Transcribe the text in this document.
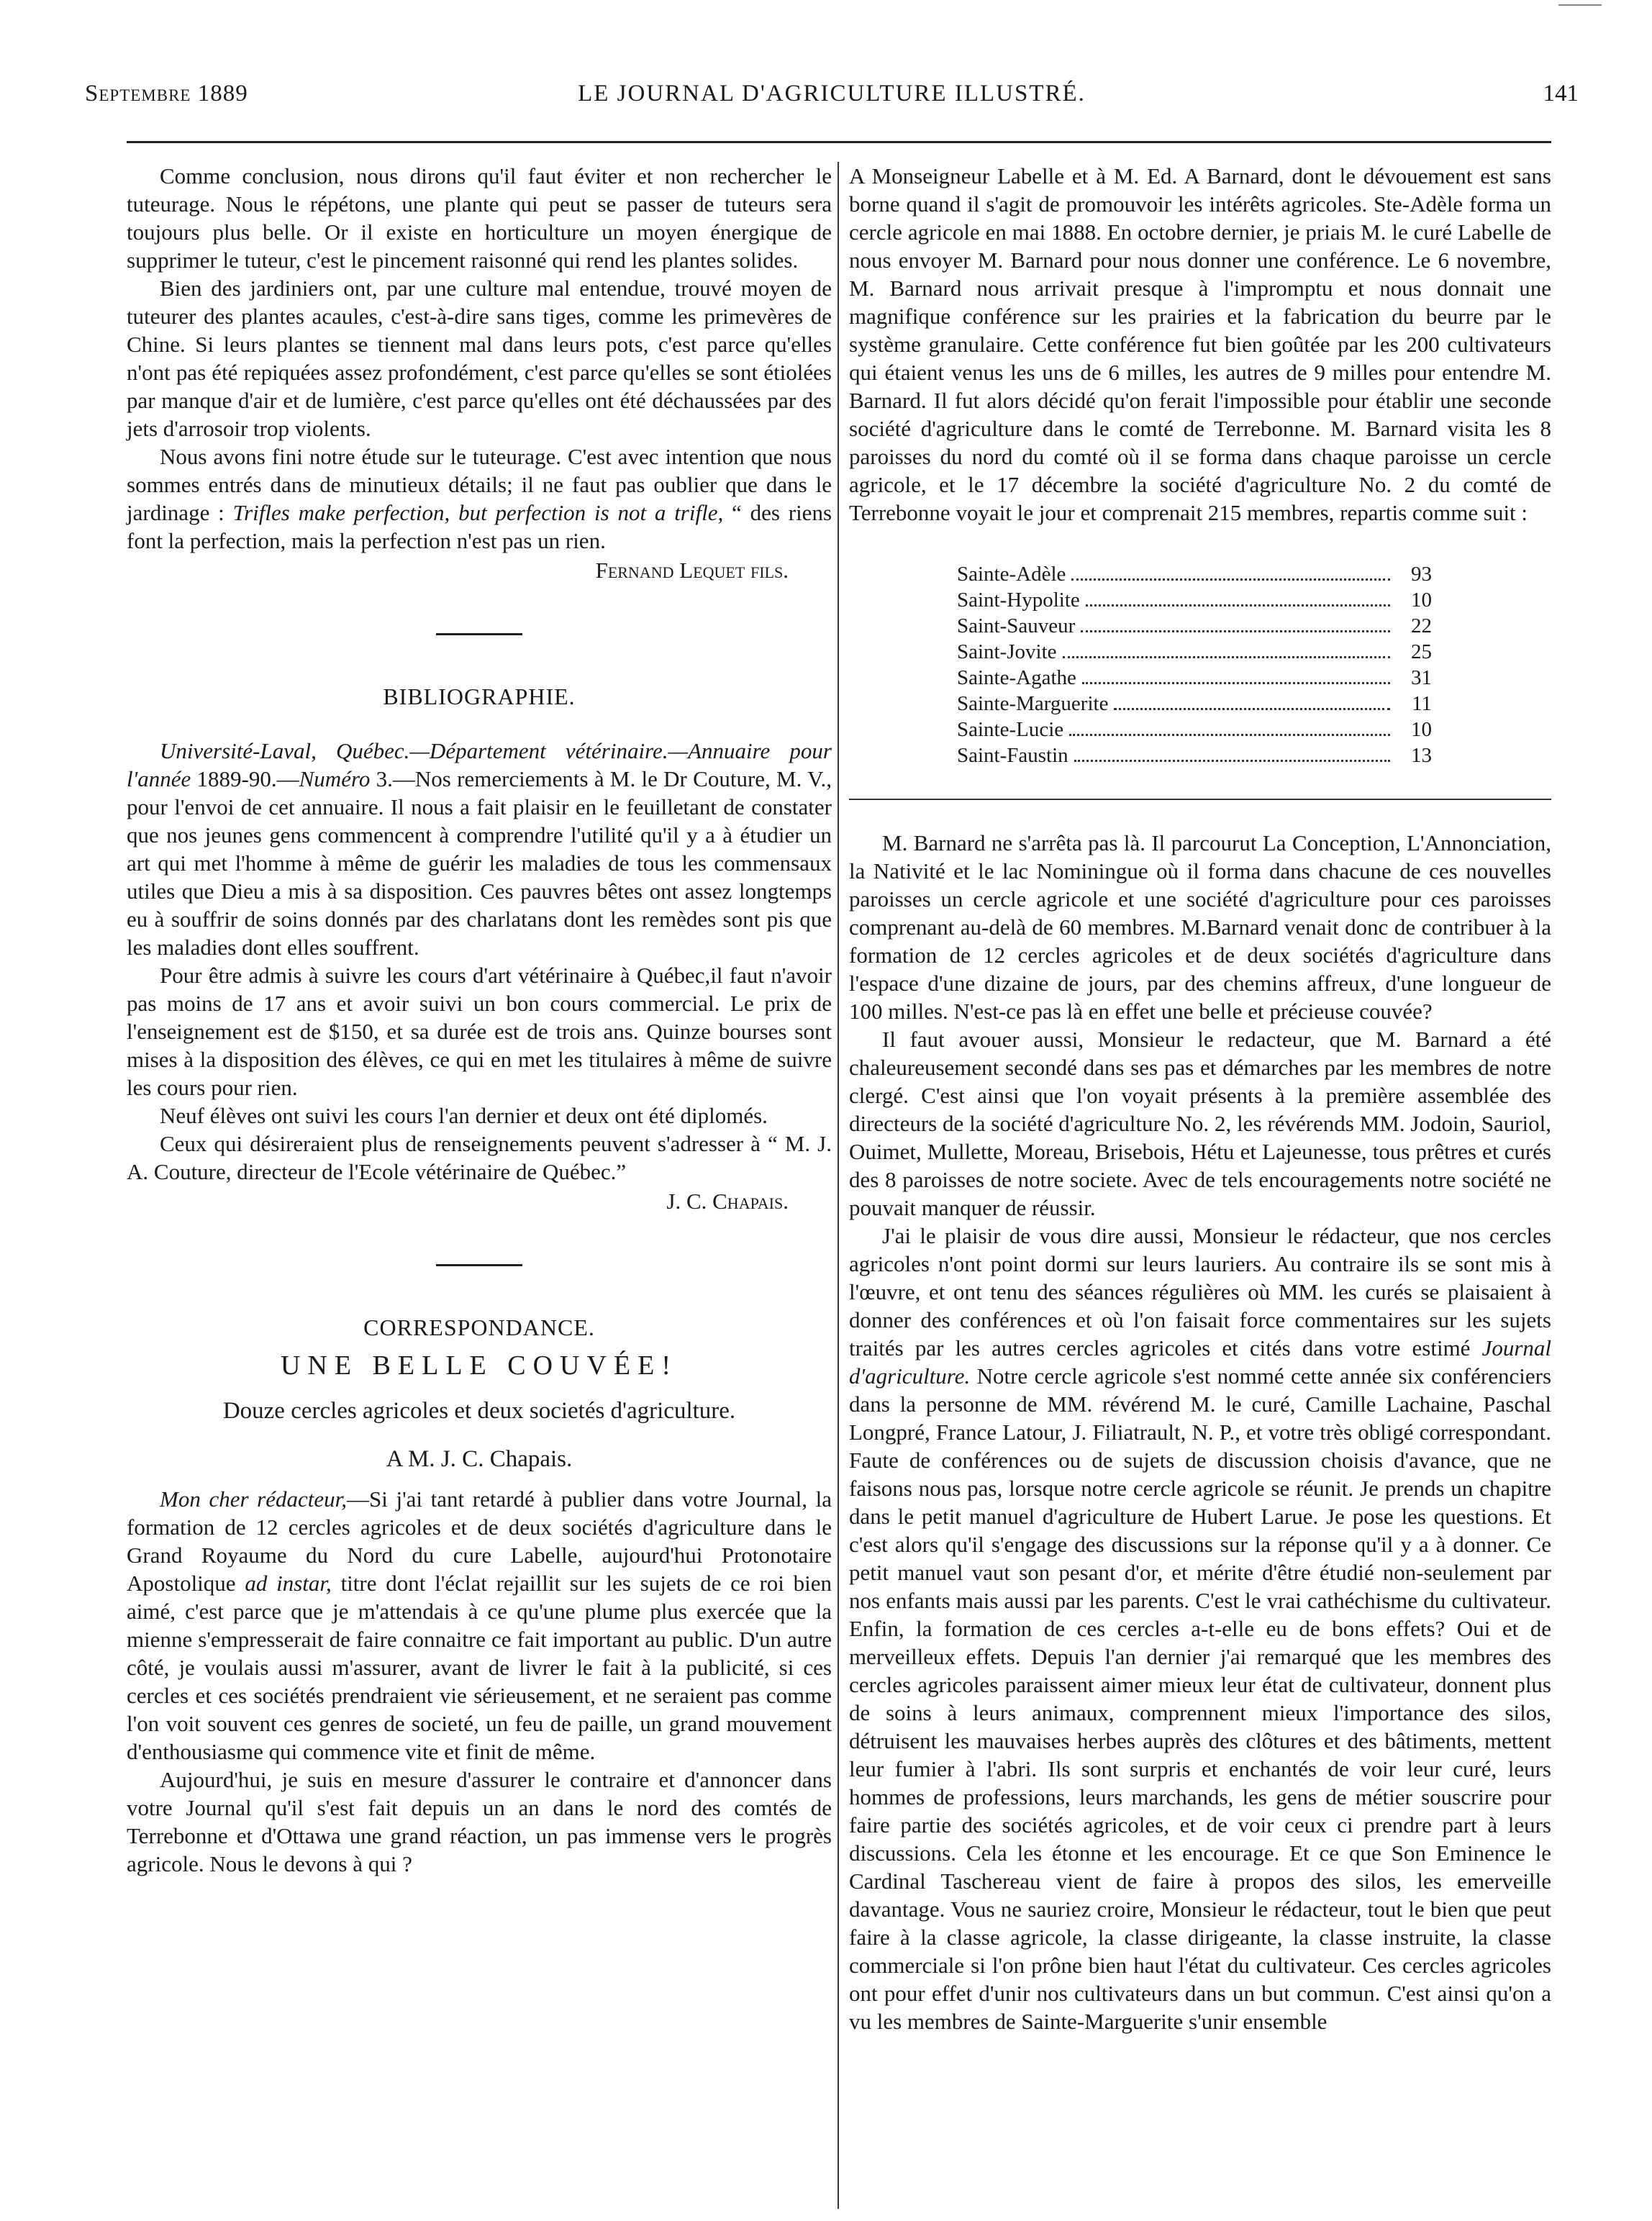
Septembre 1889	LE JOURNAL D'AGRICULTURE ILLUSTRÉ.	141

Comme conclusion, nous dirons qu'il faut éviter et non rechercher le tuteurage. Nous le répétons, une plante qui peut se passer de tuteurs sera toujours plus belle. Or il existe en horticulture un moyen énergique de supprimer le tuteur, c'est le pincement raisonné qui rend les plantes solides.

Bien des jardiniers ont, par une culture mal entendue, trouvé moyen de tuteurer des plantes acaules, c'est-à-dire sans tiges, comme les primevères de Chine. Si leurs plantes se tiennent mal dans leurs pots, c'est parce qu'elles n'ont pas été repiquées assez profondément, c'est parce qu'elles se sont étiolées par manque d'air et de lumière, c'est parce qu'elles ont été déchaussées par des jets d'arrosoir trop violents.

Nous avons fini notre étude sur le tuteurage. C'est avec intention que nous sommes entrés dans de minutieux détails; il ne faut pas oublier que dans le jardinage : Trifles make perfection, but perfection is not a trifle, “ des riens font la perfection, mais la perfection n'est pas un rien.

Fernand Lequet fils.
BIBLIOGRAPHIE.

Université-Laval, Québec.—Département vétérinaire.—Annuaire pour l'année 1889-90.—Numéro 3.—Nos remerciements à M. le Dr Couture, M. V., pour l'envoi de cet annuaire. Il nous a fait plaisir en le feuilletant de constater que nos jeunes gens commencent à comprendre l'utilité qu'il y a à étudier un art qui met l'homme à même de guérir les maladies de tous les commensaux utiles que Dieu a mis à sa disposition. Ces pauvres bêtes ont assez longtemps eu à souffrir de soins donnés par des charlatans dont les remèdes sont pis que les maladies dont elles souffrent.

Pour être admis à suivre les cours d'art vétérinaire à Québec,il faut n'avoir pas moins de 17 ans et avoir suivi un bon cours commercial. Le prix de l'enseignement est de $150, et sa durée est de trois ans. Quinze bourses sont mises à la disposition des élèves, ce qui en met les titulaires à même de suivre les cours pour rien.

Neuf élèves ont suivi les cours l'an dernier et deux ont été diplomés.

Ceux qui désireraient plus de renseignements peuvent s'adresser à “ M. J. A. Couture, directeur de l'Ecole vétérinaire de Québec.”

J. C. Chapais.
CORRESPONDANCE.
UNE BELLE COUVÉE!
Douze cercles agricoles et deux societés d'agriculture.
A M. J. C. Chapais.

Mon cher rédacteur,—Si j'ai tant retardé à publier dans votre Journal, la formation de 12 cercles agricoles et de deux sociétés d'agriculture dans le Grand Royaume du Nord du cure Labelle, aujourd'hui Protonotaire Apostolique ad instar, titre dont l'éclat rejaillit sur les sujets de ce roi bien aimé, c'est parce que je m'attendais à ce qu'une plume plus exercée que la mienne s'empresserait de faire connaitre ce fait important au public. D'un autre côté, je voulais aussi m'assurer, avant de livrer le fait à la publicité, si ces cercles et ces sociétés prendraient vie sérieusement, et ne seraient pas comme l'on voit souvent ces genres de societé, un feu de paille, un grand mouvement d'enthousiasme qui commence vite et finit de même.

Aujourd'hui, je suis en mesure d'assurer le contraire et d'annoncer dans votre Journal qu'il s'est fait depuis un an dans le nord des comtés de Terrebonne et d'Ottawa une grand réaction, un pas immense vers le progrès agricole. Nous le devons à qui ?

A Monseigneur Labelle et à M. Ed. A Barnard, dont le dévouement est sans borne quand il s'agit de promouvoir les intérêts agricoles. Ste-Adèle forma un cercle agricole en mai 1888. En octobre dernier, je priais M. le curé Labelle de nous envoyer M. Barnard pour nous donner une conférence. Le 6 novembre, M. Barnard nous arrivait presque à l'impromptu et nous donnait une magnifique conférence sur les prairies et la fabrication du beurre par le système granulaire. Cette conférence fut bien goûtée par les 200 cultivateurs qui étaient venus les uns de 6 milles, les autres de 9 milles pour entendre M. Barnard. Il fut alors décidé qu'on ferait l'impossible pour établir une seconde société d'agriculture dans le comté de Terrebonne. M. Barnard visita les 8 paroisses du nord du comté où il se forma dans chaque paroisse un cercle agricole, et le 17 décembre la société d'agriculture No. 2 du comté de Terrebonne voyait le jour et comprenait 215 membres, repartis comme suit :

Sainte-Adèle	93
Saint-Hypolite	10
Saint-Sauveur	22
Saint-Jovite	25
Sainte-Agathe	31
Sainte-Marguerite	11
Sainte-Lucie	10
Saint-Faustin	13

M. Barnard ne s'arrêta pas là. Il parcourut La Conception, L'Annonciation, la Nativité et le lac Nominingue où il forma dans chacune de ces nouvelles paroisses un cercle agricole et une société d'agriculture pour ces paroisses comprenant au-delà de 60 membres. M.Barnard venait donc de contribuer à la formation de 12 cercles agricoles et de deux sociétés d'agriculture dans l'espace d'une dizaine de jours, par des chemins affreux, d'une longueur de 100 milles. N'est-ce pas là en effet une belle et précieuse couvée?

Il faut avouer aussi, Monsieur le redacteur, que M. Barnard a été chaleureusement secondé dans ses pas et démarches par les membres de notre clergé. C'est ainsi que l'on voyait présents à la première assemblée des directeurs de la société d'agriculture No. 2, les révérends MM. Jodoin, Sauriol, Ouimet, Mullette, Moreau, Brisebois, Hétu et Lajeunesse, tous prêtres et curés des 8 paroisses de notre societe. Avec de tels encouragements notre société ne pouvait manquer de réussir.

J'ai le plaisir de vous dire aussi, Monsieur le rédacteur, que nos cercles agricoles n'ont point dormi sur leurs lauriers. Au contraire ils se sont mis à l'œuvre, et ont tenu des séances régulières où MM. les curés se plaisaient à donner des conférences et où l'on faisait force commentaires sur les sujets traités par les autres cercles agricoles et cités dans votre estimé Journal d'agriculture. Notre cercle agricole s'est nommé cette année six conférenciers dans la personne de MM. révérend M. le curé, Camille Lachaine, Paschal Longpré, France Latour, J. Filiatrault, N. P., et votre très obligé correspondant. Faute de conférences ou de sujets de discussion choisis d'avance, que ne faisons nous pas, lorsque notre cercle agricole se réunit. Je prends un chapitre dans le petit manuel d'agriculture de Hubert Larue. Je pose les questions. Et c'est alors qu'il s'engage des discussions sur la réponse qu'il y a à donner. Ce petit manuel vaut son pesant d'or, et mérite d'être étudié non-seulement par nos enfants mais aussi par les parents. C'est le vrai cathéchisme du cultivateur. Enfin, la formation de ces cercles a-t-elle eu de bons effets? Oui et de merveilleux effets. Depuis l'an dernier j'ai remarqué que les membres des cercles agricoles paraissent aimer mieux leur état de cultivateur, donnent plus de soins à leurs animaux, comprennent mieux l'importance des silos, détruisent les mauvaises herbes auprès des clôtures et des bâtiments, mettent leur fumier à l'abri. Ils sont surpris et enchantés de voir leur curé, leurs hommes de professions, leurs marchands, les gens de métier souscrire pour faire partie des sociétés agricoles, et de voir ceux ci prendre part à leurs discussions. Cela les étonne et les encourage. Et ce que Son Eminence le Cardinal Taschereau vient de faire à propos des silos, les emerveille davantage. Vous ne sauriez croire, Monsieur le rédacteur, tout le bien que peut faire à la classe agricole, la classe dirigeante, la classe instruite, la classe commerciale si l'on prône bien haut l'état du cultivateur. Ces cercles agricoles ont pour effet d'unir nos cultivateurs dans un but commun. C'est ainsi qu'on a vu les membres de Sainte-Marguerite s'unir ensemble
